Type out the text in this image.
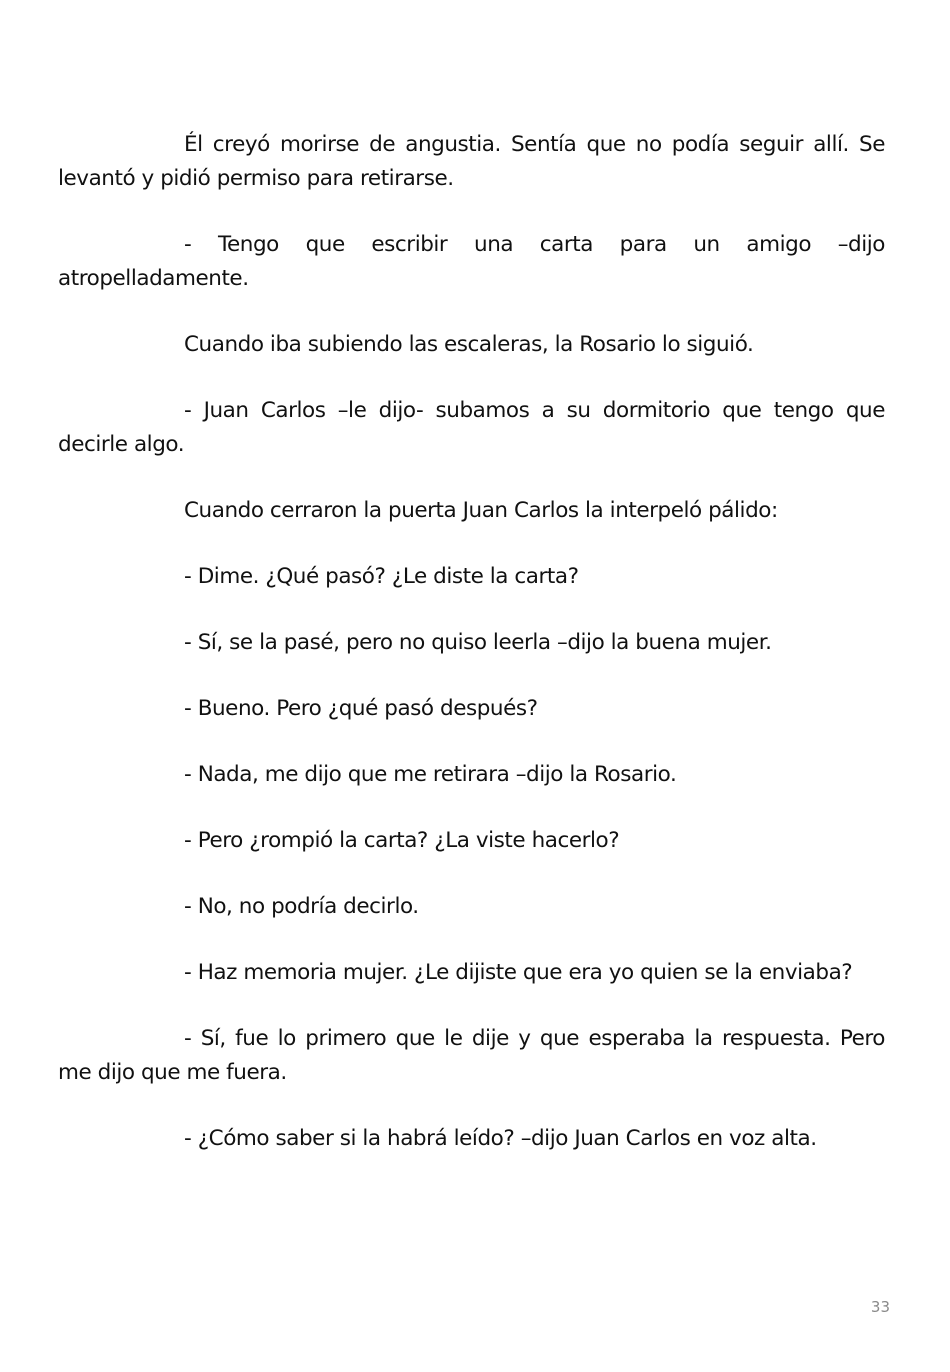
Él creyó morirse de angustia. Sentía que no podía seguir allí. Se levantó y pidió permiso para retirarse.

- Tengo que escribir una carta para un amigo –dijo atropelladamente.

Cuando iba subiendo las escaleras, la Rosario lo siguió.

- Juan Carlos –le dijo- subamos a su dormitorio que tengo que decirle algo.

Cuando cerraron la puerta Juan Carlos la interpeló pálido:

- Dime. ¿Qué pasó? ¿Le diste la carta?

- Sí, se la pasé, pero no quiso leerla –dijo la buena mujer.

- Bueno. Pero ¿qué pasó después?

- Nada, me dijo que me retirara –dijo la Rosario.

- Pero ¿rompió la carta? ¿La viste hacerlo?

- No, no podría decirlo.

- Haz memoria mujer. ¿Le dijiste que era yo quien se la enviaba?

- Sí, fue lo primero que le dije y que esperaba la respuesta. Pero me dijo que me fuera.

- ¿Cómo saber si la habrá leído? –dijo Juan Carlos en voz alta.

33
